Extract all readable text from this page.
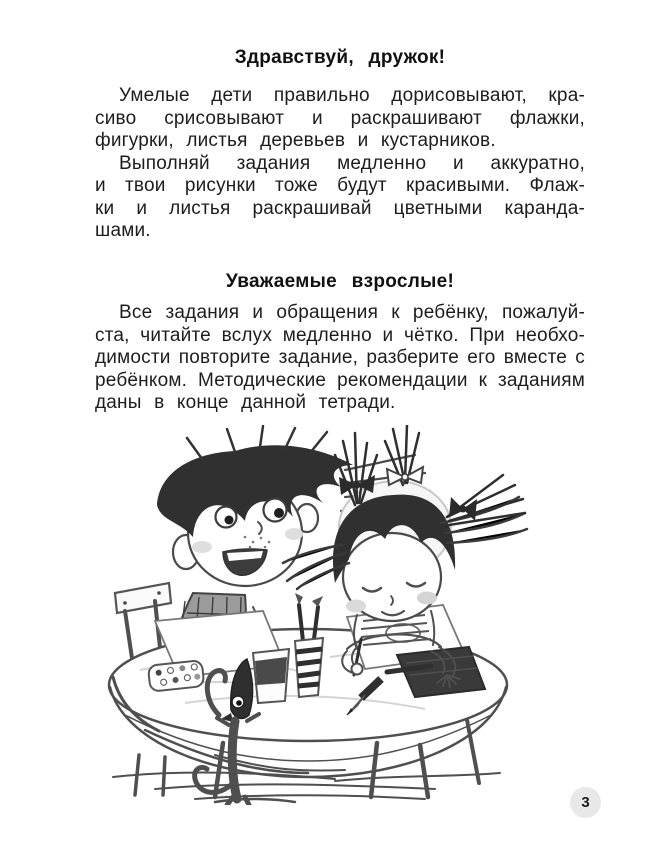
Здравствуй, дружок!
Умелые дети правильно дорисовывают, кра-
сиво срисовывают и раскрашивают флажки,
фигурки, листья деревьев и кустарников.
Выполняй задания медленно и аккуратно,
и твои рисунки тоже будут красивыми. Флаж-
ки и листья раскрашивай цветными каранда-
шами.
Уважаемые взрослые!
Все задания и обращения к ребёнку, пожалуй-
ста, читайте вслух медленно и чётко. При необхо-
димости повторите задание, разберите его вместе с
ребёнком. Методические рекомендации к заданиям
даны в конце данной тетради.
3
